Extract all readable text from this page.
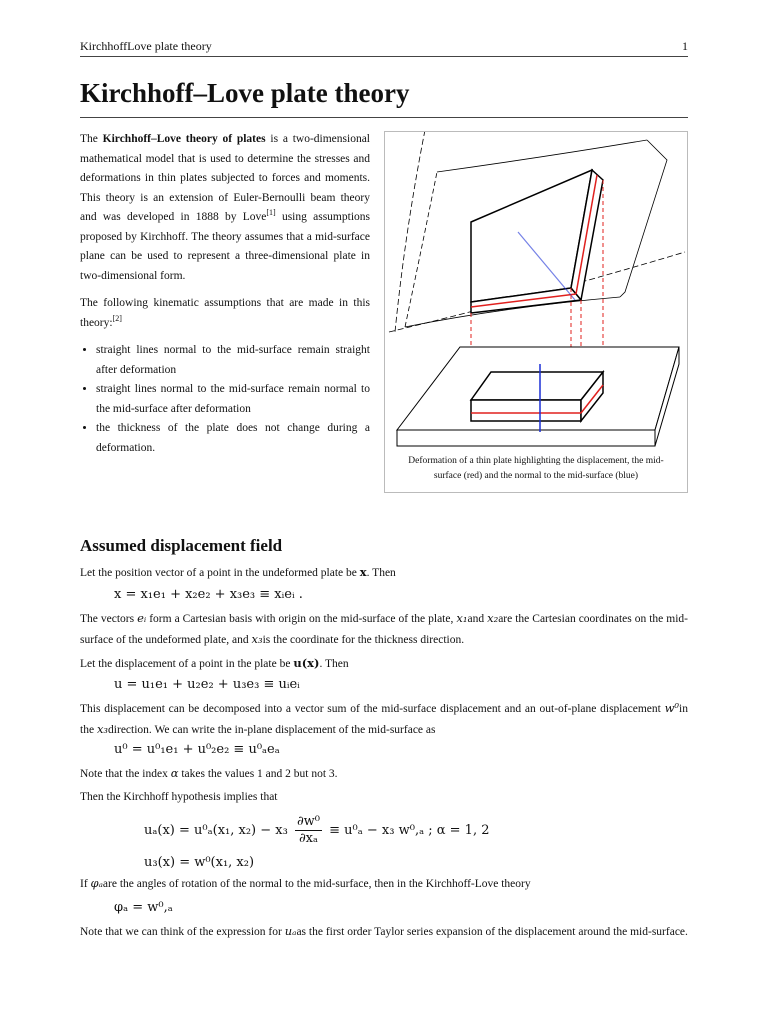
KirchhoffLove plate theory	1
Kirchhoff–Love plate theory

The Kirchhoff–Love theory of plates is a two-dimensional mathematical model that is used to determine the stresses and deformations in thin plates subjected to forces and moments. This theory is an extension of Euler-Bernoulli beam theory and was developed in 1888 by Love[1] using assumptions proposed by Kirchhoff. The theory assumes that a mid-surface plane can be used to represent a three-dimensional plate in two-dimensional form.

The following kinematic assumptions that are made in this theory:[2]

• straight lines normal to the mid-surface remain straight after deformation
• straight lines normal to the mid-surface remain normal to the mid-surface after deformation
• the thickness of the plate does not change during a deformation.
Deformation of a thin plate highlighting the displacement, the mid-surface (red) and the normal to the mid-surface (blue)
Assumed displacement field
Let the position vector of a point in the undeformed plate be x. Then
x = x₁e₁ + x₂e₂ + x₃e₃ ≡ xᵢeᵢ .
The vectors eᵢ form a Cartesian basis with origin on the mid-surface of the plate, x₁and x₂are the Cartesian coordinates on the mid-surface of the undeformed plate, and x₃is the coordinate for the thickness direction.
Let the displacement of a point in the plate be u(x). Then
u = u₁e₁ + u₂e₂ + u₃e₃ ≡ uᵢeᵢ
This displacement can be decomposed into a vector sum of the mid-surface displacement and an out-of-plane displacement w⁰in the x₃direction. We can write the in-plane displacement of the mid-surface as
u⁰ = u⁰₁e₁ + u⁰₂e₂ ≡ u⁰ₐeₐ
Note that the index α takes the values 1 and 2 but not 3.
Then the Kirchhoff hypothesis implies that
uₐ(x) = u⁰ₐ(x₁, $x_2) - x_3 \frac{\text{∂w⁰}}{\text{∂xₐ}} \equiv u^0_a - x_3$ w⁰,ₐ ; α = 1, 2
u₃(x) = w⁰(x₁, x₂)
If φₐare the angles of rotation of the normal to the mid-surface, then in the Kirchhoff-Love theory
φₐ = w⁰,ₐ
Note that we can think of the expression for uₐas the first order Taylor series expansion of the displacement around the mid-surface.
